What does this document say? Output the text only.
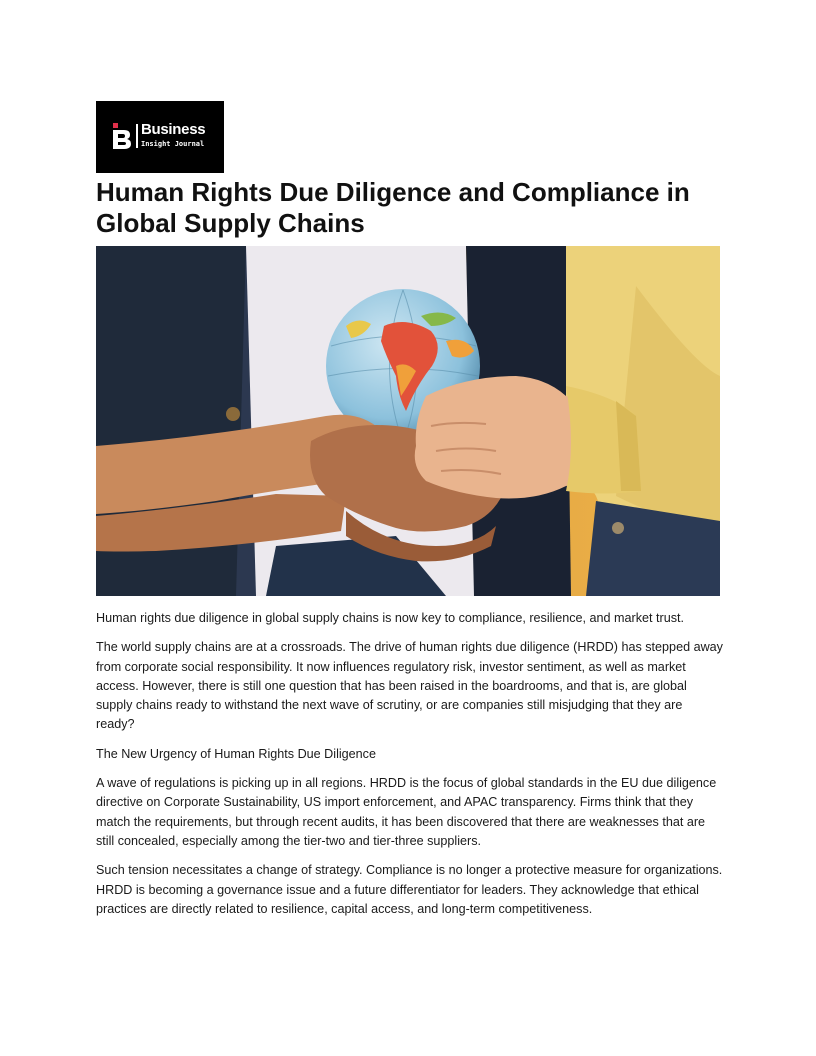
Business
Insight Journal
Human Rights Due Diligence and Compliance in Global Supply Chains

Human rights due diligence in global supply chains is now key to compliance, resilience, and market trust.

The world supply chains are at a crossroads. The drive of human rights due diligence (HRDD) has stepped away from corporate social responsibility. It now influences regulatory risk, investor sentiment, as well as market access. However, there is still one question that has been raised in the boardrooms, and that is, are global supply chains ready to withstand the next wave of scrutiny, or are companies still misjudging that they are ready?

The New Urgency of Human Rights Due Diligence

A wave of regulations is picking up in all regions. HRDD is the focus of global standards in the EU due diligence directive on Corporate Sustainability, US import enforcement, and APAC transparency. Firms think that they match the requirements, but through recent audits, it has been discovered that there are weaknesses that are still concealed, especially among the tier-two and tier-three suppliers.

Such tension necessitates a change of strategy. Compliance is no longer a protective measure for organizations. HRDD is becoming a governance issue and a future differentiator for leaders. They acknowledge that ethical practices are directly related to resilience, capital access, and long-term competitiveness.
